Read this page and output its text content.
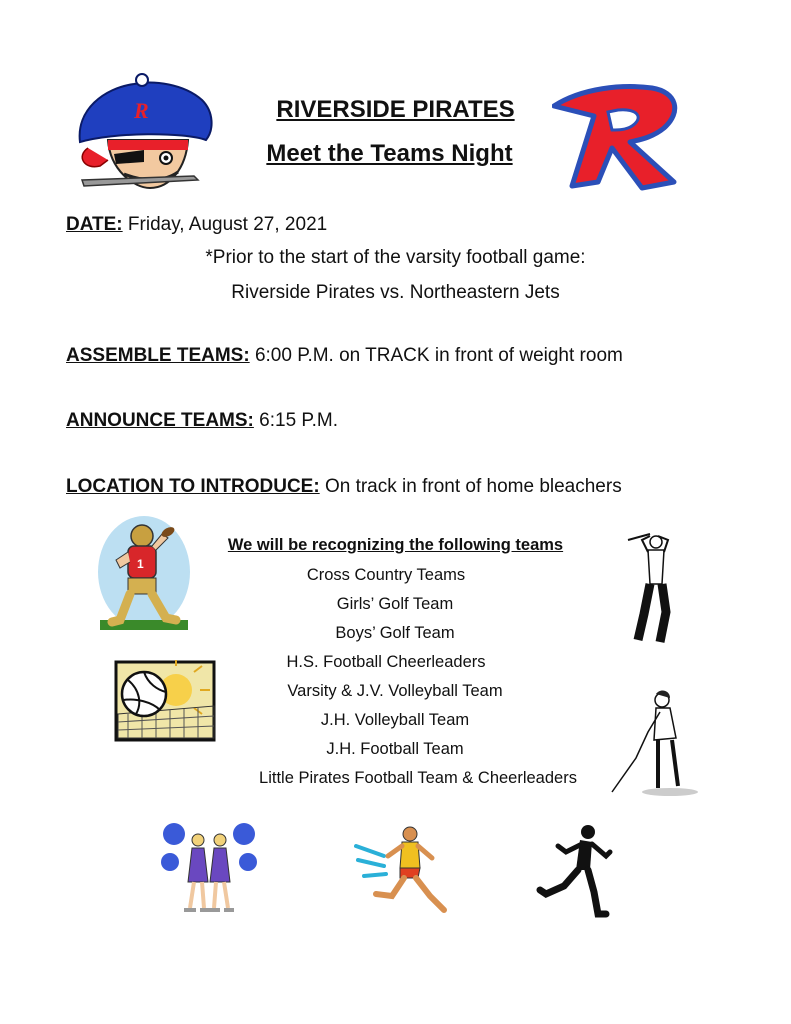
R	RIVERSIDE PIRATES
Meet the Teams Night
R
DATE: Friday, August 27, 2021
*Prior to the start of the varsity football game:
Riverside Pirates vs. Northeastern Jets
ASSEMBLE TEAMS: 6:00 P.M. on TRACK in front of weight room
ANNOUNCE TEAMS: 6:15 P.M.
LOCATION TO INTRODUCE: On track in front of home bleachers
We will be recognizing the following teams
Cross Country Teams
Girls’ Golf Team
Boys’ Golf Team
H.S. Football Cheerleaders
Varsity & J.V. Volleyball Team
J.H. Volleyball Team
J.H. Football Team
Little Pirates Football Team & Cheerleaders
1
